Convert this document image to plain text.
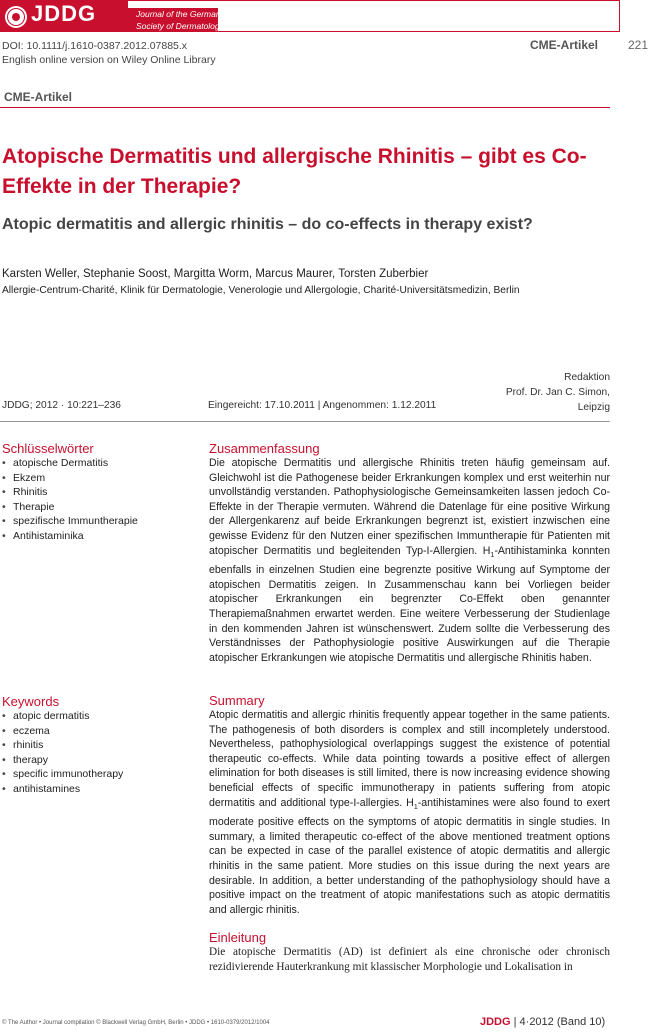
JDDG	Journal of the German
Society of Dermatology
DOI: 10.1111/j.1610-0387.2012.07885.x
English online version on Wiley Online Library
CME-Artikel 221
CME-Artikel
Atopische Dermatitis und allergische Rhinitis – gibt es Co-Effekte in der Therapie?
Atopic dermatitis and allergic rhinitis – do co-effects in therapy exist?
Karsten Weller, Stephanie Soost, Margitta Worm, Marcus Maurer, Torsten Zuberbier
Allergie-Centrum-Charité, Klinik für Dermatologie, Venerologie und Allergologie, Charité-Universitätsmedizin, Berlin
Redaktion
Prof. Dr. Jan C. Simon,
Leipzig
JDDG; 2012 · 10:221–236	Eingereicht: 17.10.2011 | Angenommen: 1.12.2011
Schlüsselwörter
• atopische Dermatitis
• Ekzem
• Rhinitis
• Therapie
• spezifische Immuntherapie
• Antihistaminika
Zusammenfassung
Die atopische Dermatitis und allergische Rhinitis treten häufig gemeinsam auf. Gleichwohl ist die Pathogenese beider Erkrankungen komplex und erst weiterhin nur unvollständig verstanden. Pathophysiologische Gemeinsamkeiten lassen jedoch Co-Effekte in der Therapie vermuten. Während die Datenlage für eine positive Wirkung der Allergenkarenz auf beide Erkrankungen begrenzt ist, existiert inzwischen eine gewisse Evidenz für den Nutzen einer spezifischen Immuntherapie für Patienten mit atopischer Dermatitis und begleitenden Typ-I-Allergien. $H_1$-Antihistaminka konnten ebenfalls in einzelnen Studien eine begrenzte positive Wirkung auf Symptome der atopischen Dermatitis zeigen. In Zusammenschau kann bei Vorliegen beider atopischer Erkrankungen ein begrenzter Co-Effekt oben genannter Therapiemaßnahmen erwartet werden. Eine weitere Verbesserung der Studienlage in den kommenden Jahren ist wünschenswert. Zudem sollte die Verbesserung des Verständnisses der Pathophysiologie positive Auswirkungen auf die Therapie atopischer Erkrankungen wie atopische Dermatitis und allergische Rhinitis haben.
Keywords
• atopic dermatitis
• eczema
• rhinitis
• therapy
• specific immunotherapy
• antihistamines
Summary
Atopic dermatitis and allergic rhinitis frequently appear together in the same patients. The pathogenesis of both disorders is complex and still incompletely understood. Nevertheless, pathophysiological overlappings suggest the existence of potential therapeutic co-effects. While data pointing towards a positive effect of allergen elimination for both diseases is still limited, there is now increasing evidence showing beneficial effects of specific immunotherapy in patients suffering from atopic dermatitis and additional type-I-allergies. $H_1$-antihistamines were also found to exert moderate positive effects on the symptoms of atopic dermatitis in single studies. In summary, a limited therapeutic co-effect of the above mentioned treatment options can be expected in case of the parallel existence of atopic dermatitis and allergic rhinitis in the same patient. More studies on this issue during the next years are desirable. In addition, a better understanding of the pathophysiology should have a positive impact on the treatment of atopic manifestations such as atopic dermatitis and allergic rhinitis.
Einleitung
Die atopische Dermatitis (AD) ist definiert als eine chronische oder chronisch rezidivierende Hauterkrankung mit klassischer Morphologie und Lokalisation in
© The Author • Journal compilation © Blackwell Verlag GmbH, Berlin • JDDG • 1610-0379/2012/1004	JDDG | 4·2012 (Band 10)
